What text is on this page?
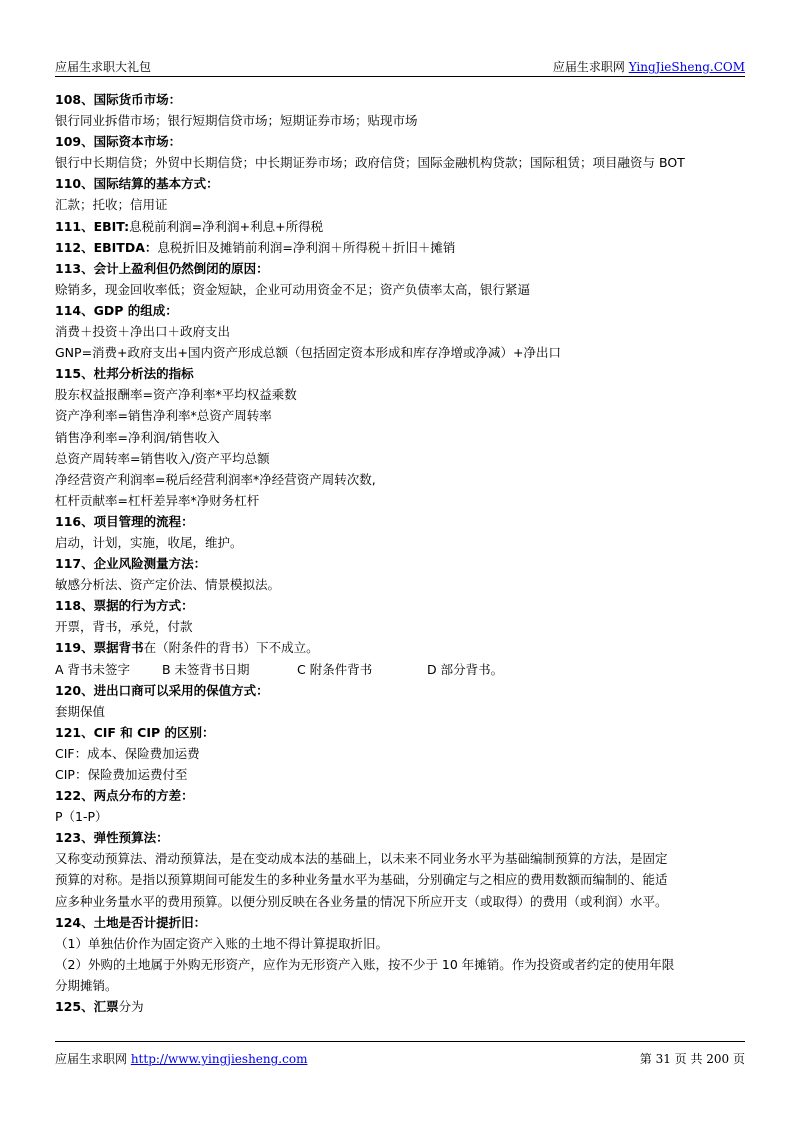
应届生求职大礼包	应届生求职网 YingJieSheng.COM
108、国际货币市场：
银行同业拆借市场；银行短期信贷市场；短期证券市场；贴现市场
109、国际资本市场：
银行中长期信贷；外贸中长期信贷；中长期证券市场；政府信贷；国际金融机构贷款；国际租赁；项目融资与 BOT
110、国际结算的基本方式：
汇款；托收；信用证
111、EBIT:息税前利润=净利润+利息+所得税
112、EBITDA：息税折旧及摊销前利润=净利润＋所得税＋折旧＋摊销
113、会计上盈利但仍然倒闭的原因：
赊销多，现金回收率低；资金短缺，企业可动用资金不足；资产负债率太高，银行紧逼
114、GDP 的组成：
消费＋投资＋净出口＋政府支出
GNP=消费+政府支出+国内资产形成总额（包括固定资本形成和库存净增或净减）+净出口
115、杜邦分析法的指标
股东权益报酬率=资产净利率*平均权益乘数
资产净利率=销售净利率*总资产周转率
销售净利率=净利润/销售收入
总资产周转率=销售收入/资产平均总额
净经营资产利润率=税后经营利润率*净经营资产周转次数,
杠杆贡献率=杠杆差异率*净财务杠杆
116、项目管理的流程：
启动，计划，实施，收尾，维护。
117、企业风险测量方法：
敏感分析法、资产定价法、情景模拟法。
118、票据的行为方式：
开票，背书，承兑，付款
119、票据背书在（附条件的背书）下不成立。
A 背书未签字	B 未签背书日期	C 附条件背书	D 部分背书。
120、进出口商可以采用的保值方式：
套期保值
121、CIF 和 CIP 的区别：
CIF：成本、保险费加运费
CIP：保险费加运费付至
122、两点分布的方差：
P（1-P）
123、弹性预算法：
又称变动预算法、滑动预算法，是在变动成本法的基础上，以未来不同业务水平为基础编制预算的方法，是固定
预算的对称。是指以预算期间可能发生的多种业务量水平为基础，分别确定与之相应的费用数额而编制的、能适
应多种业务量水平的费用预算。以便分别反映在各业务量的情况下所应开支（或取得）的费用（或利润）水平。
124、土地是否计提折旧：
（1）单独估价作为固定资产入账的土地不得计算提取折旧。
（2）外购的土地属于外购无形资产，应作为无形资产入账，按不少于 10 年摊销。作为投资或者约定的使用年限
分期摊销。
125、汇票分为
应届生求职网 http://www.yingjiesheng.com	第 31 页 共 200 页
